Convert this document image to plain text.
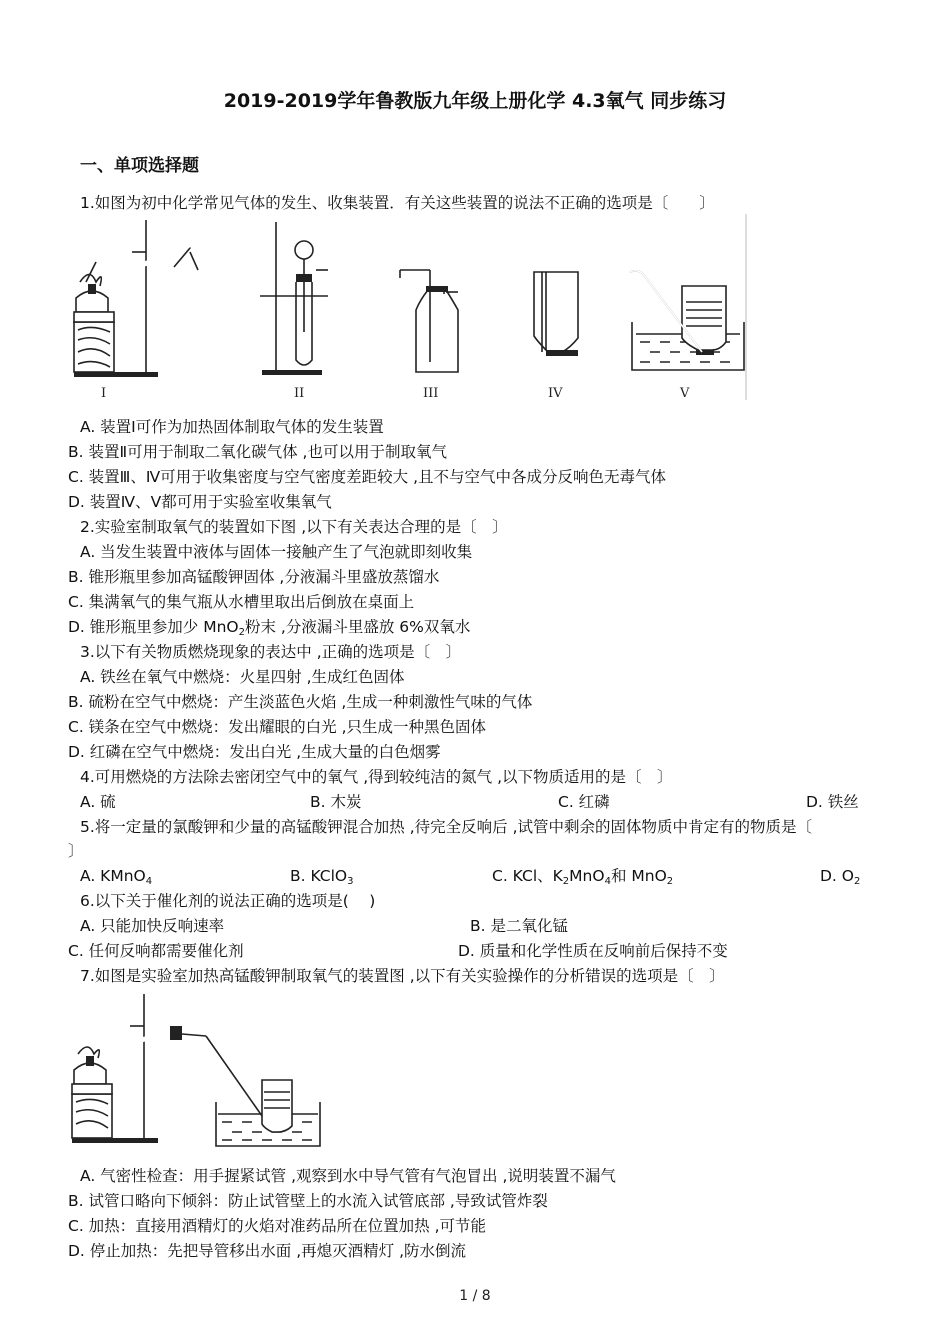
2019-2019学年鲁教版九年级上册化学 4.3氧气 同步练习
一、单项选择题
1.如图为初中化学常见气体的发生、收集装置．有关这些装置的说法不正确的选项是〔　　〕
I	II	III	IV	V
A. 装置Ⅰ可作为加热固体制取气体的发生装置
B. 装置Ⅱ可用于制取二氧化碳气体 ,也可以用于制取氧气
C. 装置Ⅲ、Ⅳ可用于收集密度与空气密度差距较大 ,且不与空气中各成分反响色无毒气体
D. 装置Ⅳ、Ⅴ都可用于实验室收集氧气
2.实验室制取氧气的装置如下图 ,以下有关表达合理的是〔　〕
A. 当发生装置中液体与固体一接触产生了气泡就即刻收集
B. 锥形瓶里参加高锰酸钾固体 ,分液漏斗里盛放蒸馏水
C. 集满氧气的集气瓶从水槽里取出后倒放在桌面上
D. 锥形瓶里参加少 MnO$_2$粉末 ,分液漏斗里盛放 6%双氧水
3.以下有关物质燃烧现象的表达中 ,正确的选项是〔　〕
A. 铁丝在氧气中燃烧：火星四射 ,生成红色固体
B. 硫粉在空气中燃烧：产生淡蓝色火焰 ,生成一种刺激性气味的气体
C. 镁条在空气中燃烧：发出耀眼的白光 ,只生成一种黑色固体
D. 红磷在空气中燃烧：发出白光 ,生成大量的白色烟雾
4.可用燃烧的方法除去密闭空气中的氧气 ,得到较纯洁的氮气 ,以下物质适用的是〔　〕
A. 硫	B. 木炭	C. 红磷	D. 铁丝
5.将一定量的氯酸钾和少量的高锰酸钾混合加热 ,待完全反响后 ,试管中剩余的固体物质中肯定有的物质是〔
〕
A. KMnO$_4$	B. KClO$_3$	C. KCl、$K_2MnO_4$和 MnO$_2$	D. $O_2$
6.以下关于催化剂的说法正确的选项是(　 )
A. 只能加快反响速率	B. 是二氧化锰
C. 任何反响都需要催化剂	D. 质量和化学性质在反响前后保持不变
7.如图是实验室加热高锰酸钾制取氧气的装置图 ,以下有关实验操作的分析错误的选项是〔　〕
A. 气密性检查：用手握紧试管 ,观察到水中导气管有气泡冒出 ,说明装置不漏气
B. 试管口略向下倾斜：防止试管壁上的水流入试管底部 ,导致试管炸裂
C. 加热：直接用酒精灯的火焰对准药品所在位置加热 ,可节能
D. 停止加热：先把导管移出水面 ,再熄灭酒精灯 ,防水倒流
1 / 8
